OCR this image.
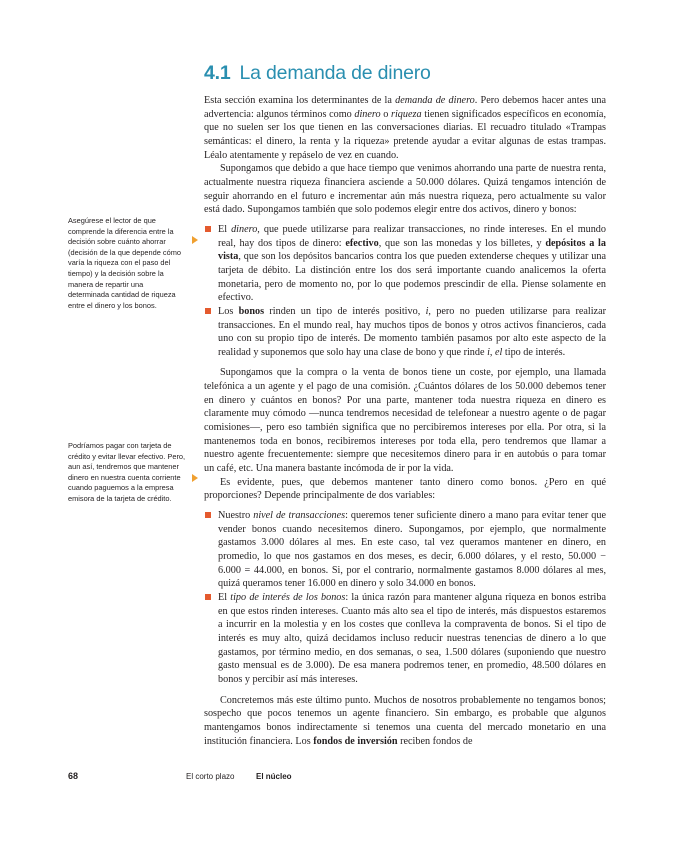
4.1 La demanda de dinero
Asegúrese el lector de que comprende la diferencia entre la decisión sobre cuánto ahorrar (decisión de la que depende cómo varía la riqueza con el paso del tiempo) y la decisión sobre la manera de repartir una determinada cantidad de riqueza entre el dinero y los bonos.
Podríamos pagar con tarjeta de crédito y evitar llevar efectivo. Pero, aun así, tendremos que mantener dinero en nuestra cuenta corriente cuando paguemos a la empresa emisora de la tarjeta de crédito.

Esta sección examina los determinantes de la demanda de dinero. Pero debemos hacer antes una advertencia: algunos términos como dinero o riqueza tienen significados específicos en economía, que no suelen ser los que tienen en las conversaciones diarias. El recuadro titulado «Trampas semánticas: el dinero, la renta y la riqueza» pretende ayudar a evitar algunas de estas trampas. Léalo atentamente y repáselo de vez en cuando.

Supongamos que debido a que hace tiempo que venimos ahorrando una parte de nuestra renta, actualmente nuestra riqueza financiera asciende a 50.000 dólares. Quizá tengamos intención de seguir ahorrando en el futuro e incrementar aún más nuestra riqueza, pero actualmente su valor está dado. Supongamos también que solo podemos elegir entre dos activos, dinero y bonos:

El dinero, que puede utilizarse para realizar transacciones, no rinde intereses. En el mundo real, hay dos tipos de dinero: efectivo, que son las monedas y los billetes, y depósitos a la vista, que son los depósitos bancarios contra los que pueden extenderse cheques y utilizar una tarjeta de débito. La distinción entre los dos será importante cuando analicemos la oferta monetaria, pero de momento no, por lo que podemos prescindir de ella. Piense solamente en efectivo.
Los bonos rinden un tipo de interés positivo, i, pero no pueden utilizarse para realizar transacciones. En el mundo real, hay muchos tipos de bonos y otros activos financieros, cada uno con su propio tipo de interés. De momento también pasamos por alto este aspecto de la realidad y suponemos que solo hay una clase de bono y que rinde i, el tipo de interés.

Supongamos que la compra o la venta de bonos tiene un coste, por ejemplo, una llamada telefónica a un agente y el pago de una comisión. ¿Cuántos dólares de los 50.000 debemos tener en dinero y cuántos en bonos? Por una parte, mantener toda nuestra riqueza en dinero es claramente muy cómodo —nunca tendremos necesidad de telefonear a nuestro agente o de pagar comisiones—, pero eso también significa que no percibiremos intereses por ella. Por otra, si la mantenemos toda en bonos, recibiremos intereses por toda ella, pero tendremos que llamar a nuestro agente frecuentemente: siempre que necesitemos dinero para ir en autobús o para tomar un café, etc. Una manera bastante incómoda de ir por la vida.

Es evidente, pues, que debemos mantener tanto dinero como bonos. ¿Pero en qué proporciones? Depende principalmente de dos variables:

Nuestro nivel de transacciones: queremos tener suficiente dinero a mano para evitar tener que vender bonos cuando necesitemos dinero. Supongamos, por ejemplo, que normalmente gastamos 3.000 dólares al mes. En este caso, tal vez queramos mantener en dinero, en promedio, lo que nos gastamos en dos meses, es decir, 6.000 dólares, y el resto, 50.000 − 6.000 = 44.000, en bonos. Si, por el contrario, normalmente gastamos 8.000 dólares al mes, quizá queramos tener 16.000 en dinero y solo 34.000 en bonos.
El tipo de interés de los bonos: la única razón para mantener alguna riqueza en bonos estriba en que estos rinden intereses. Cuanto más alto sea el tipo de interés, más dispuestos estaremos a incurrir en la molestia y en los costes que conlleva la compraventa de bonos. Si el tipo de interés es muy alto, quizá decidamos incluso reducir nuestras tenencias de dinero a lo que gastamos, por término medio, en dos semanas, o sea, 1.500 dólares (suponiendo que nuestro gasto mensual es de 3.000). De esa manera podremos tener, en promedio, 48.500 dólares en bonos y percibir así más intereses.

Concretemos más este último punto. Muchos de nosotros probablemente no tengamos bonos; sospecho que pocos tenemos un agente financiero. Sin embargo, es probable que algunos mantengamos bonos indirectamente si tenemos una cuenta del mercado monetario en una institución financiera. Los fondos de inversión reciben fondos de

68	El corto plazo	El núcleo
